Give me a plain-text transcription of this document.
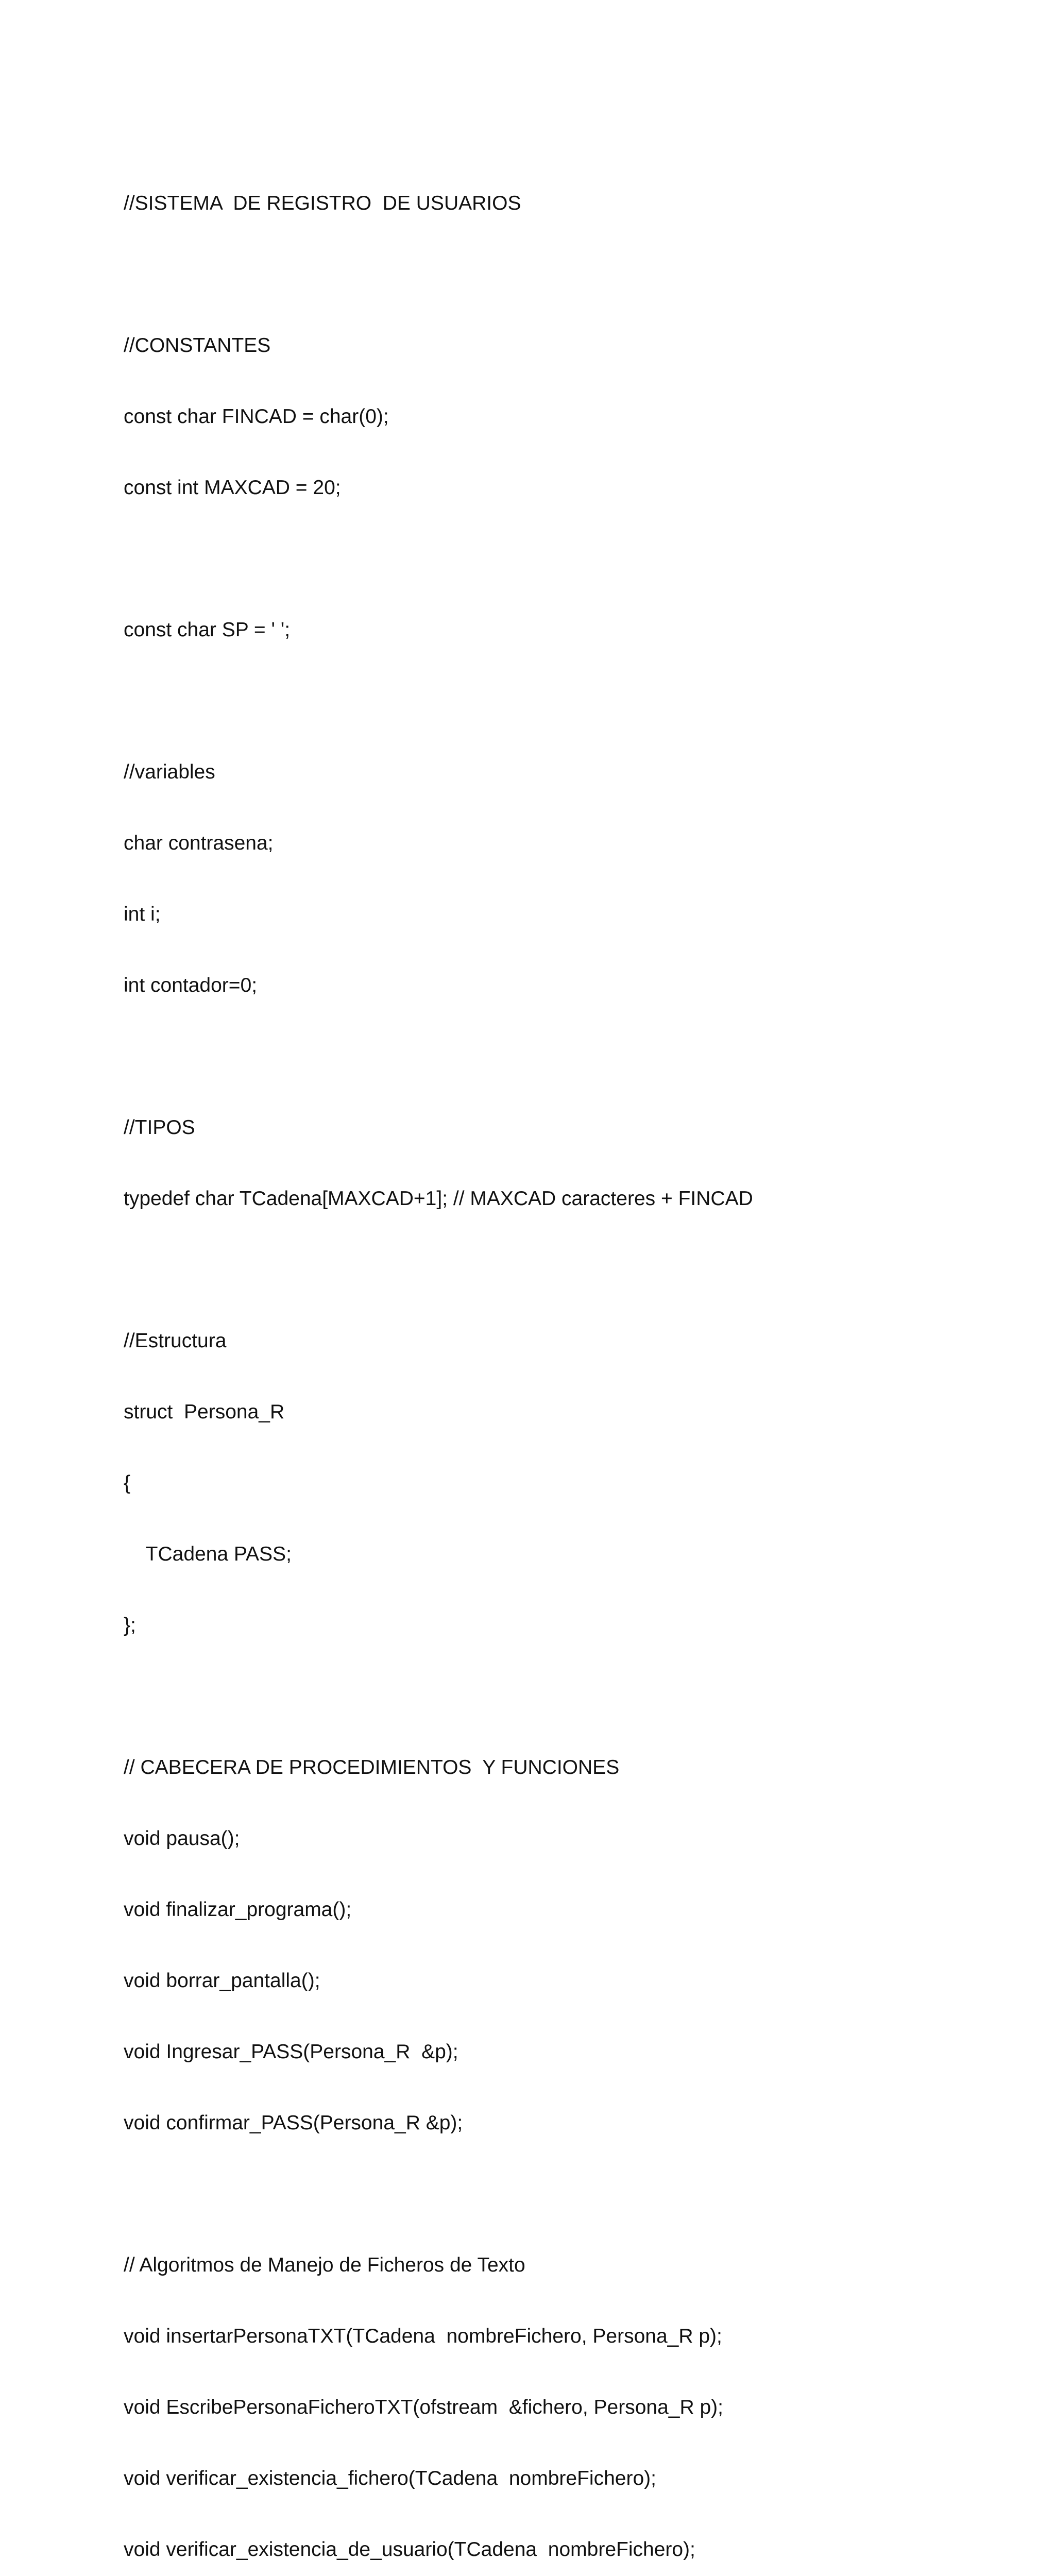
//SISTEMA  DE REGISTRO  DE USUARIOS

//CONSTANTES

const char FINCAD = char(0);

const int MAXCAD = 20;

const char SP = ' ';

//variables

char contrasena;

int i;

int contador=0;

//TIPOS

typedef char TCadena[MAXCAD+1]; // MAXCAD caracteres + FINCAD

//Estructura

struct  Persona_R

{

TCadena PASS;

};

// CABECERA DE PROCEDIMIENTOS  Y FUNCIONES

void pausa();

void finalizar_programa();

void borrar_pantalla();

void Ingresar_PASS(Persona_R  &p);

void confirmar_PASS(Persona_R &p);

// Algoritmos de Manejo de Ficheros de Texto

void insertarPersonaTXT(TCadena  nombreFichero, Persona_R p);

void EscribePersonaFicheroTXT(ofstream  &fichero, Persona_R p);

void verificar_existencia_fichero(TCadena  nombreFichero);

void verificar_existencia_de_usuario(TCadena  nombreFichero);
